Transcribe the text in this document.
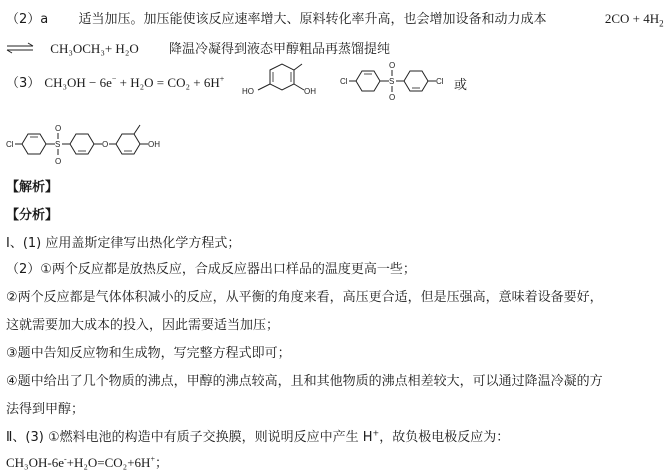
（2）a 适当加压。加压能使该反应速率增大、原料转化率升高，也会增加设备和动力成本	$2CO + 4H_2$
⇌ CH₃OCH₃+ H₂O 降温冷凝得到液态甲醇粗品再蒸馏提纯
（3） CH₃OH − 6e− + H₂O = CO₂ + 6H+
HO	OH
Cl	S
O
O
Cl 或
Cl	S
O
O
O	OH
【解析】
【分析】
Ⅰ、(1) 应用盖斯定律写出热化学方程式；
（2）①两个反应都是放热反应，合成反应器出口样品的温度更高一些；
②两个反应都是气体体积减小的反应，从平衡的角度来看，高压更合适，但是压强高，意味着设备要好，
这就需要加大成本的投入，因此需要适当加压；
③题中告知反应物和生成物，写完整方程式即可；
④题中给出了几个物质的沸点，甲醇的沸点较高，且和其他物质的沸点相差较大，可以通过降温冷凝的方
法得到甲醇；
Ⅱ、(3) ①燃料电池的构造中有质子交换膜，则说明反应中产生 H+，故负极电极反应为：
CH₃OH-6e-+H₂O=CO₂+6H+；
